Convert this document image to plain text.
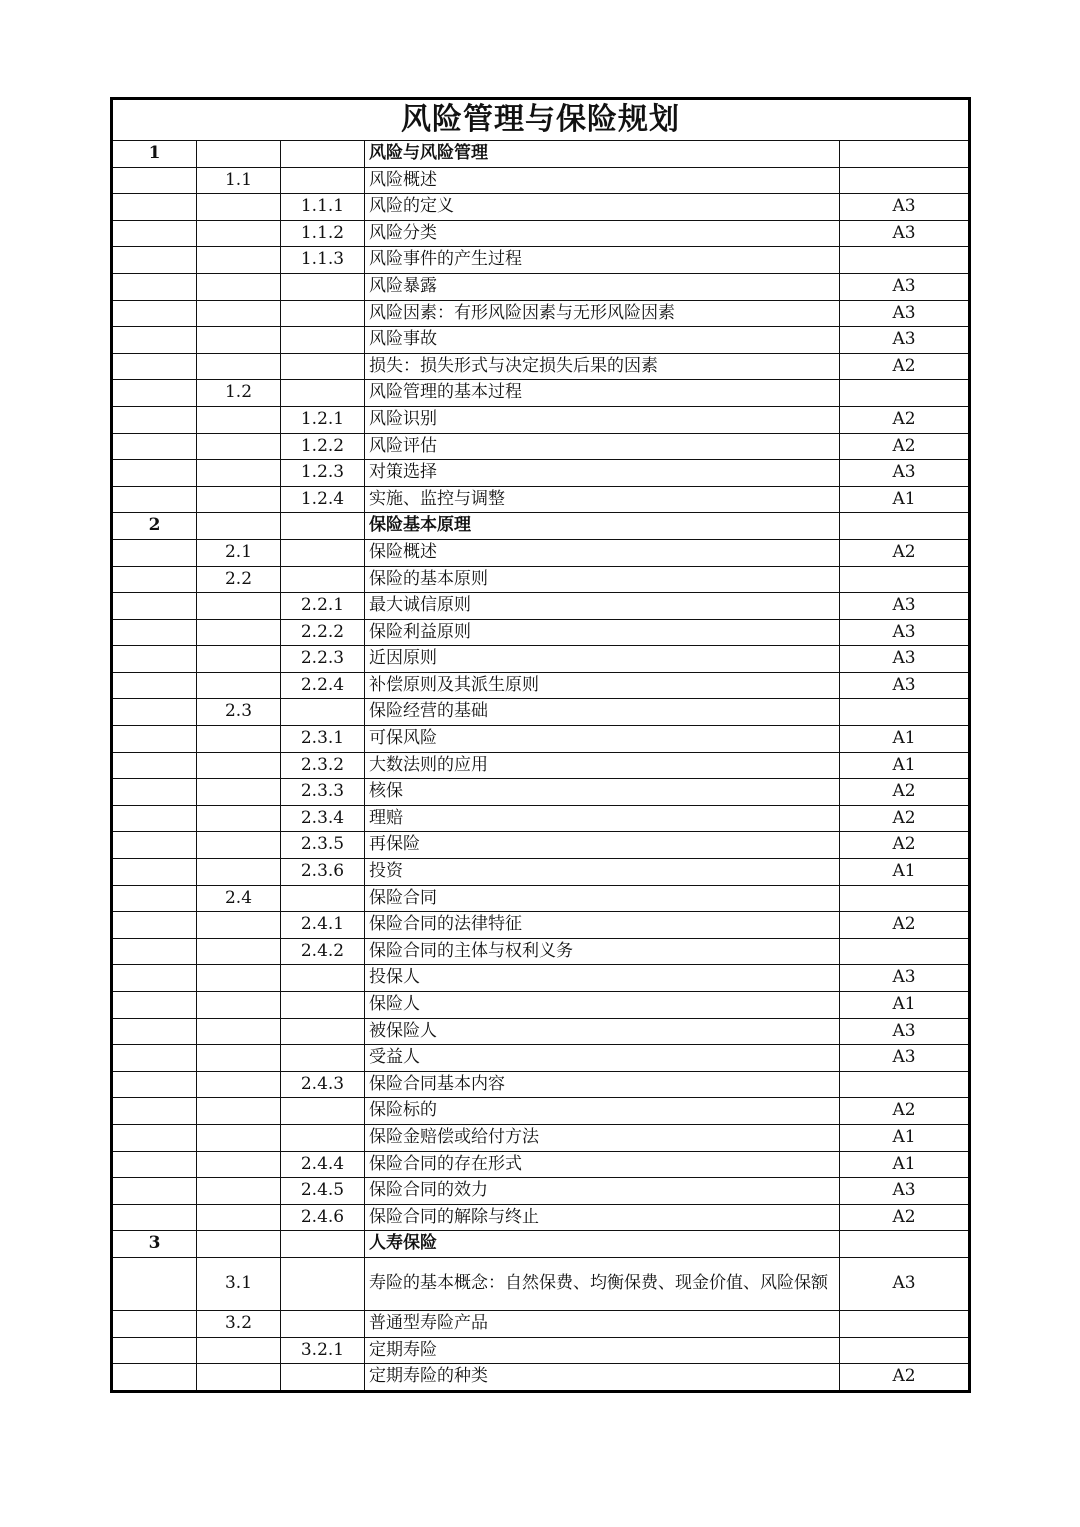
风险管理与保险规划				
1			风险与风险管理	
	1.1		风险概述	
		1.1.1	风险的定义	A3
		1.1.2	风险分类	A3
		1.1.3	风险事件的产生过程	
			风险暴露	A3
			风险因素：有形风险因素与无形风险因素	A3
			风险事故	A3
			损失：损失形式与决定损失后果的因素	A2
	1.2		风险管理的基本过程	
		1.2.1	风险识别	A2
		1.2.2	风险评估	A2
		1.2.3	对策选择	A3
		1.2.4	实施、监控与调整	A1
2			保险基本原理	
	2.1		保险概述	A2
	2.2		保险的基本原则	
		2.2.1	最大诚信原则	A3
		2.2.2	保险利益原则	A3
		2.2.3	近因原则	A3
		2.2.4	补偿原则及其派生原则	A3
	2.3		保险经营的基础	
		2.3.1	可保风险	A1
		2.3.2	大数法则的应用	A1
		2.3.3	核保	A2
		2.3.4	理赔	A2
		2.3.5	再保险	A2
		2.3.6	投资	A1
	2.4		保险合同	
		2.4.1	保险合同的法律特征	A2
		2.4.2	保险合同的主体与权利义务	
			投保人	A3
			保险人	A1
			被保险人	A3
			受益人	A3
		2.4.3	保险合同基本内容	
			保险标的	A2
			保险金赔偿或给付方法	A1
		2.4.4	保险合同的存在形式	A1
		2.4.5	保险合同的效力	A3
		2.4.6	保险合同的解除与终止	A2
3			人寿保险	
	3.1		寿险的基本概念：自然保费、均衡保费、现金价值、风险保额	A3
	3.2		普通型寿险产品	
		3.2.1	定期寿险	
			定期寿险的种类	A2
